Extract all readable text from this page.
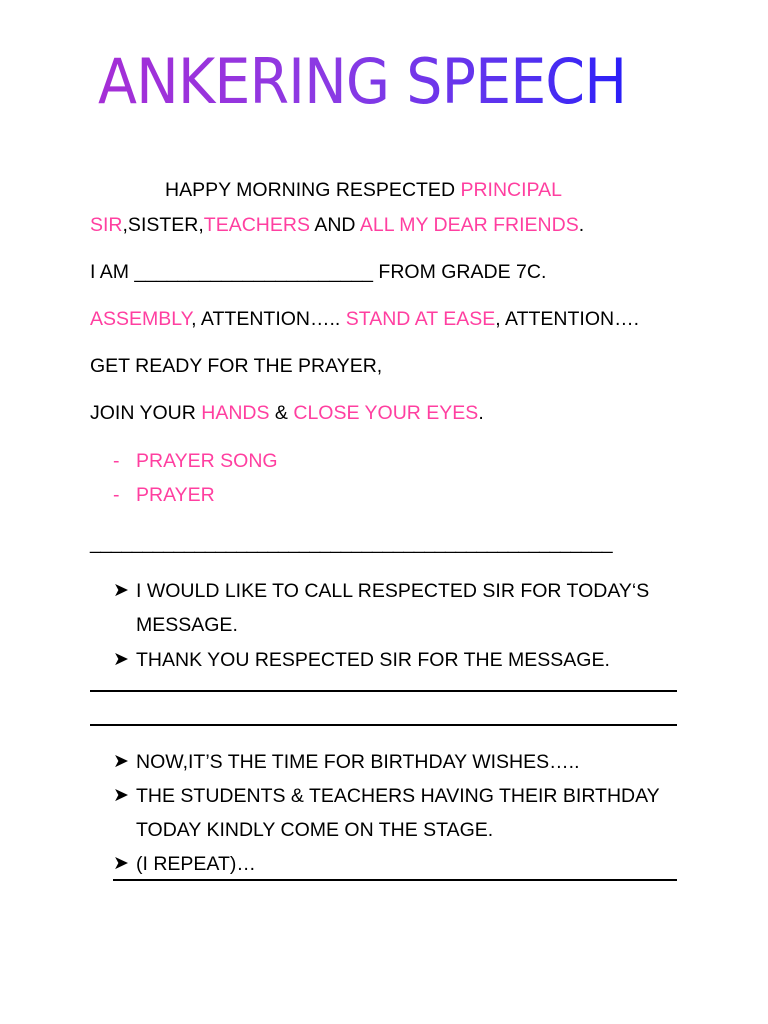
ANKERING SPEECH

HAPPY MORNING RESPECTED PRINCIPAL

SIR,SISTER,TEACHERS AND ALL MY DEAR FRIENDS.

I AM ______________________ FROM GRADE 7C.

ASSEMBLY, ATTENTION….. STAND AT EASE, ATTENTION….

GET READY FOR THE PRAYER,

JOIN YOUR HANDS & CLOSE YOUR EYES.

- PRAYER SONG

- PRAYER

__________________________________________________

➤ I WOULD LIKE TO CALL RESPECTED SIR FOR TODAY‘S

MESSAGE.

➤ THANK YOU RESPECTED SIR FOR THE MESSAGE.

➤ NOW,IT’S THE TIME FOR BIRTHDAY WISHES…..

➤ THE STUDENTS & TEACHERS HAVING THEIR BIRTHDAY

TODAY KINDLY COME ON THE STAGE.

➤ (I REPEAT)…
